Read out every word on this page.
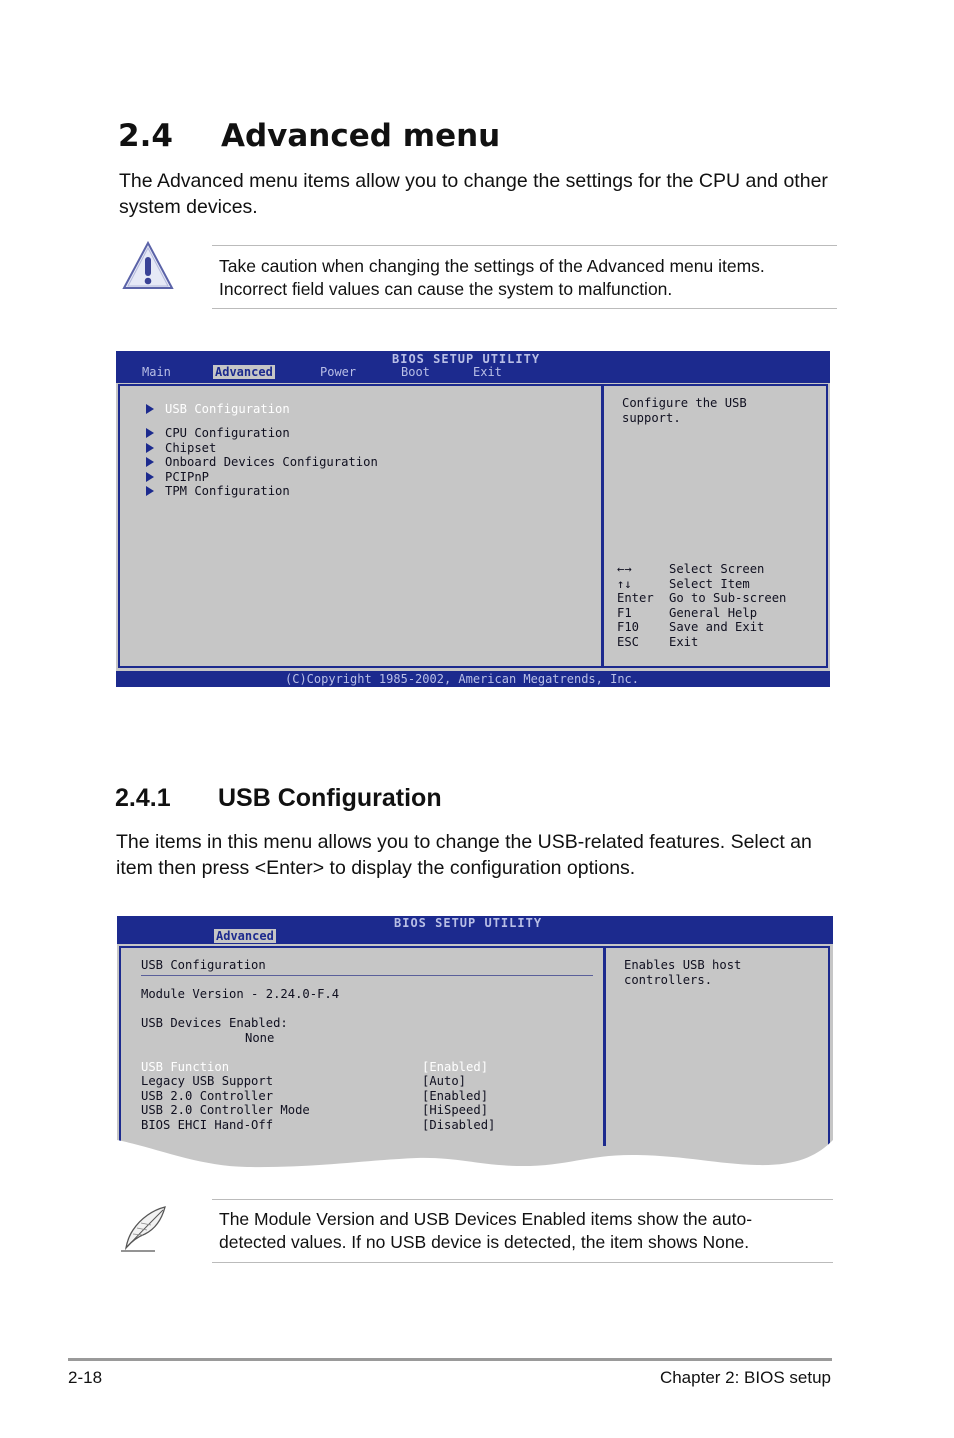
2.4 Advanced menu
The Advanced menu items allow you to change the settings for the CPU and other system devices.
Take caution when changing the settings of the Advanced menu items. Incorrect field values can cause the system to malfunction.
BIOS SETUP UTILITY
Main	Advanced	Power	Boot	Exit
USB Configuration
CPU Configuration
Chipset
Onboard Devices Configuration
PCIPnP
TPM Configuration
Configure the USB
support.
←→	Select Screen
↑↓	Select Item
Enter Go to Sub-screen
F1	General Help
F10 Save and Exit
ESC Exit
(C)Copyright 1985-2002, American Megatrends, Inc.
2.4.1 USB Configuration
The items in this menu allows you to change the USB-related features. Select an item then press <Enter> to display the configuration options.
BIOS SETUP UTILITY
Advanced
USB Configuration
Module Version - 2.24.0-F.4
USB Devices Enabled:
None
USB Function	[Enabled]
Legacy USB Support	[Auto]
USB 2.0 Controller	[Enabled]
USB 2.0 Controller Mode	[HiSpeed]
BIOS EHCI Hand-Off	[Disabled]
Enables USB host
controllers.
The Module Version and USB Devices Enabled items show the auto-detected values. If no USB device is detected, the item shows None.
2-18	Chapter 2: BIOS setup
